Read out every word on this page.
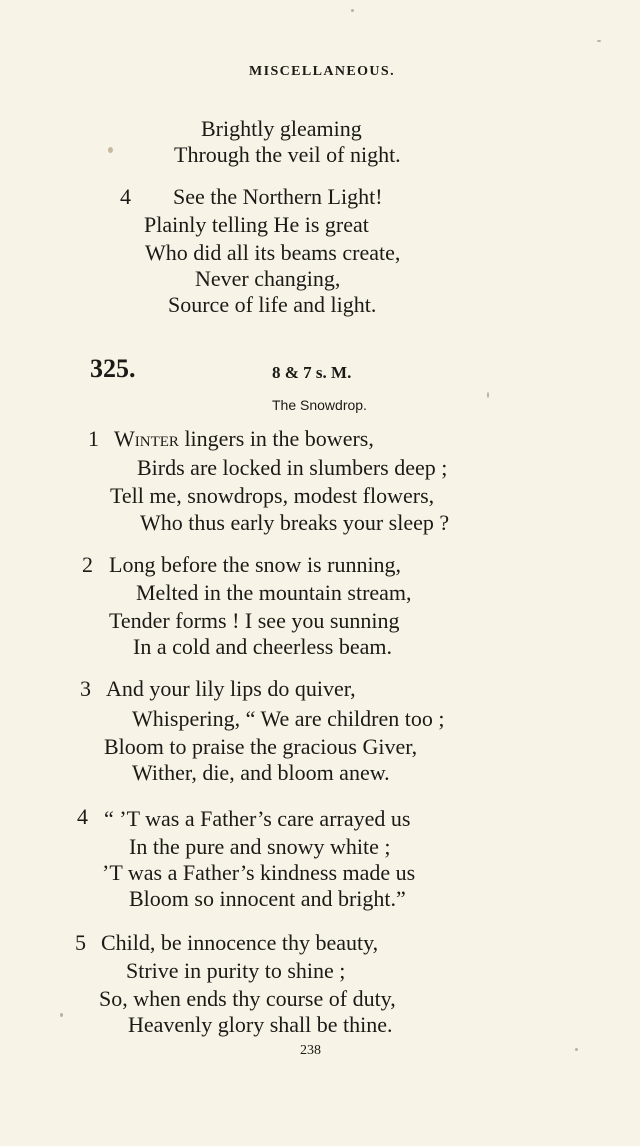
MISCELLANEOUS.
Brightly gleaming
Through the veil of night.
4 See the Northern Light!
Plainly telling He is great
Who did all its beams create,
Never changing,
Source of life and light.
325.	8 & 7 s. M.
The Snowdrop.
1 Winter lingers in the bowers,
Birds are locked in slumbers deep ;
Tell me, snowdrops, modest flowers,
Who thus early breaks your sleep ?
2 Long before the snow is running,
Melted in the mountain stream,
Tender forms ! I see you sunning
In a cold and cheerless beam.
3 And your lily lips do quiver,
Whispering, “ We are children too ;
Bloom to praise the gracious Giver,
Wither, die, and bloom anew.
4 “ ’T was a Father’s care arrayed us
In the pure and snowy white ;
’T was a Father’s kindness made us
Bloom so innocent and bright.”
5 Child, be innocence thy beauty,
Strive in purity to shine ;
So, when ends thy course of duty,
Heavenly glory shall be thine.
238
